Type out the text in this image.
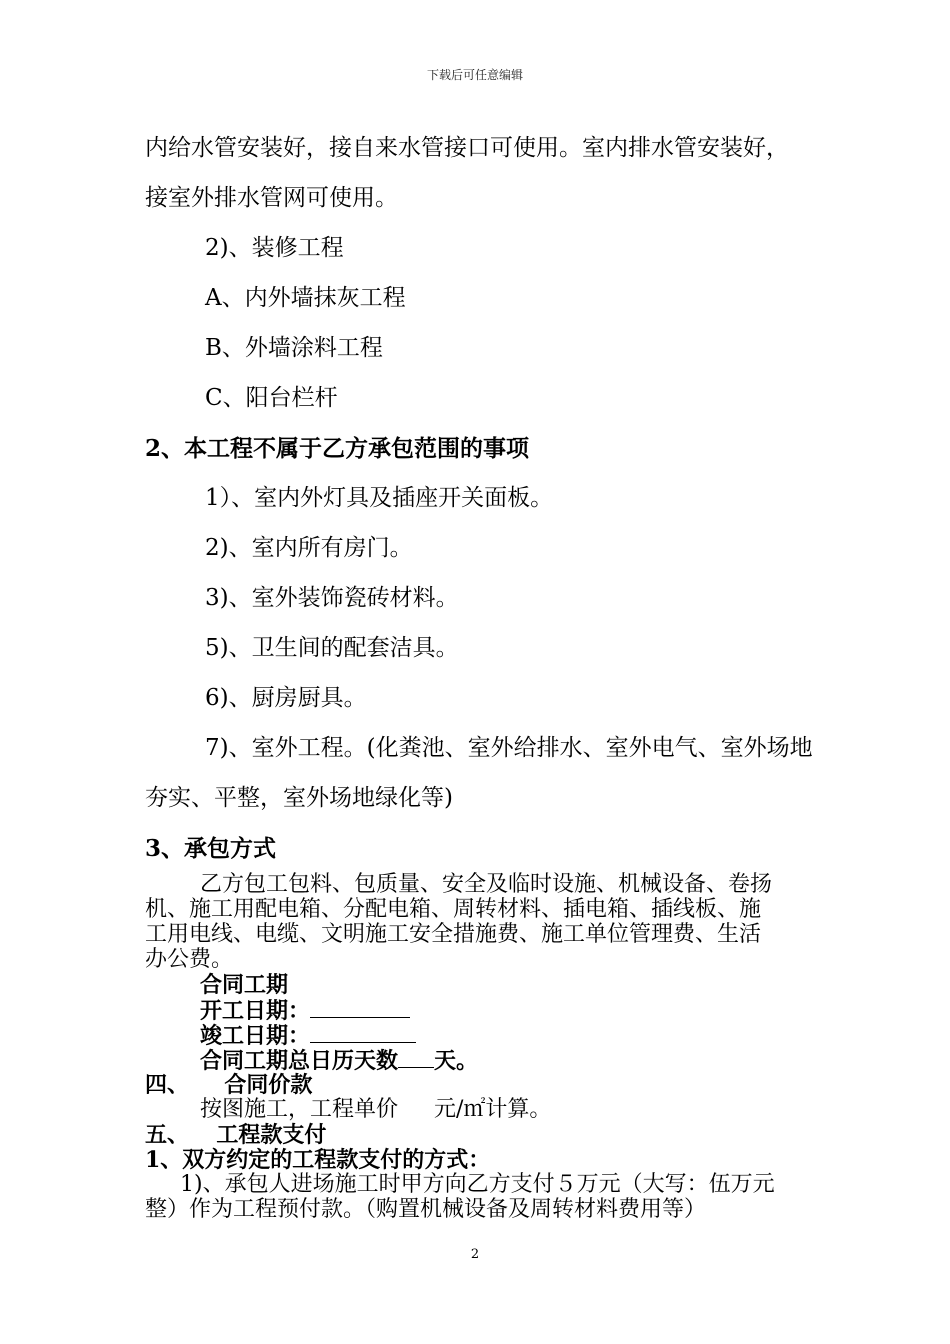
下载后可任意编辑
内给水管安装好，接自来水管接口可使用。室内排水管安装好，
接室外排水管网可使用。
2)、装修工程
A、内外墙抹灰工程
B、外墙涂料工程
C、阳台栏杆
2、本工程不属于乙方承包范围的事项
1）、室内外灯具及插座开关面板。
2)、室内所有房门。
3)、室外装饰瓷砖材料。
5)、卫生间的配套洁具。
6)、厨房厨具。
7)、室外工程。(化粪池、室外给排水、室外电气、室外场地
夯实、平整，室外场地绿化等)
3、承包方式
乙方包工包料、包质量、安全及临时设施、机械设备、卷扬
机、施工用配电箱、分配电箱、周转材料、插电箱、插线板、施
工用电线、电缆、文明施工安全措施费、施工单位管理费、生活
办公费。
合同工期
开工日期：
竣工日期：
合同工期总日历天数 天。
四、 合同价款
按图施工，工程单价 元/㎡计算。
五、 工程款支付
1、双方约定的工程款支付的方式：
1)、承包人进场施工时甲方向乙方支付５万元（大写：伍万元
整）作为工程预付款。（购置机械设备及周转材料费用等）
2
